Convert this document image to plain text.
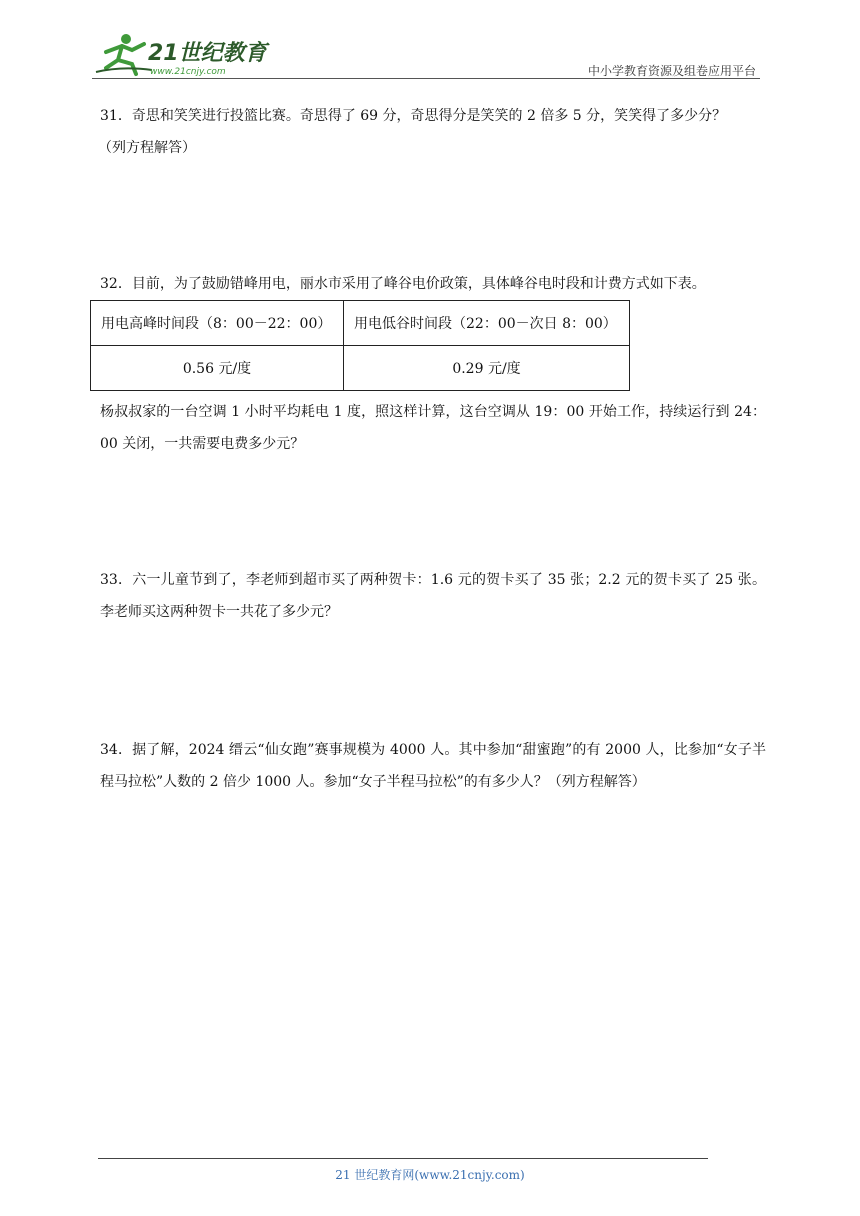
21世纪教育
www.21cnjy.com	中小学教育资源及组卷应用平台

31．奇思和笑笑进行投篮比赛。奇思得了 69 分，奇思得分是笑笑的 2 倍多 5 分，笑笑得了多少分？

（列方程解答）

32．目前，为了鼓励错峰用电，丽水市采用了峰谷电价政策，具体峰谷电时段和计费方式如下表。

用电高峰时间段（8：00－22：00）	用电低谷时间段（22：00－次日 8：00）
0.56 元/度	0.29 元/度

杨叔叔家的一台空调 1 小时平均耗电 1 度，照这样计算，这台空调从 19：00 开始工作，持续运行到 24：00 关闭，一共需要电费多少元？

33．六一儿童节到了，李老师到超市买了两种贺卡：1.6 元的贺卡买了 35 张；2.2 元的贺卡买了 25 张。李老师买这两种贺卡一共花了多少元？

34．据了解，2024 缙云“仙女跑”赛事规模为 4000 人。其中参加“甜蜜跑”的有 2000 人，比参加“女子半程马拉松”人数的 2 倍少 1000 人。参加“女子半程马拉松”的有多少人？（列方程解答）

21 世纪教育网(www.21cnjy.com)
